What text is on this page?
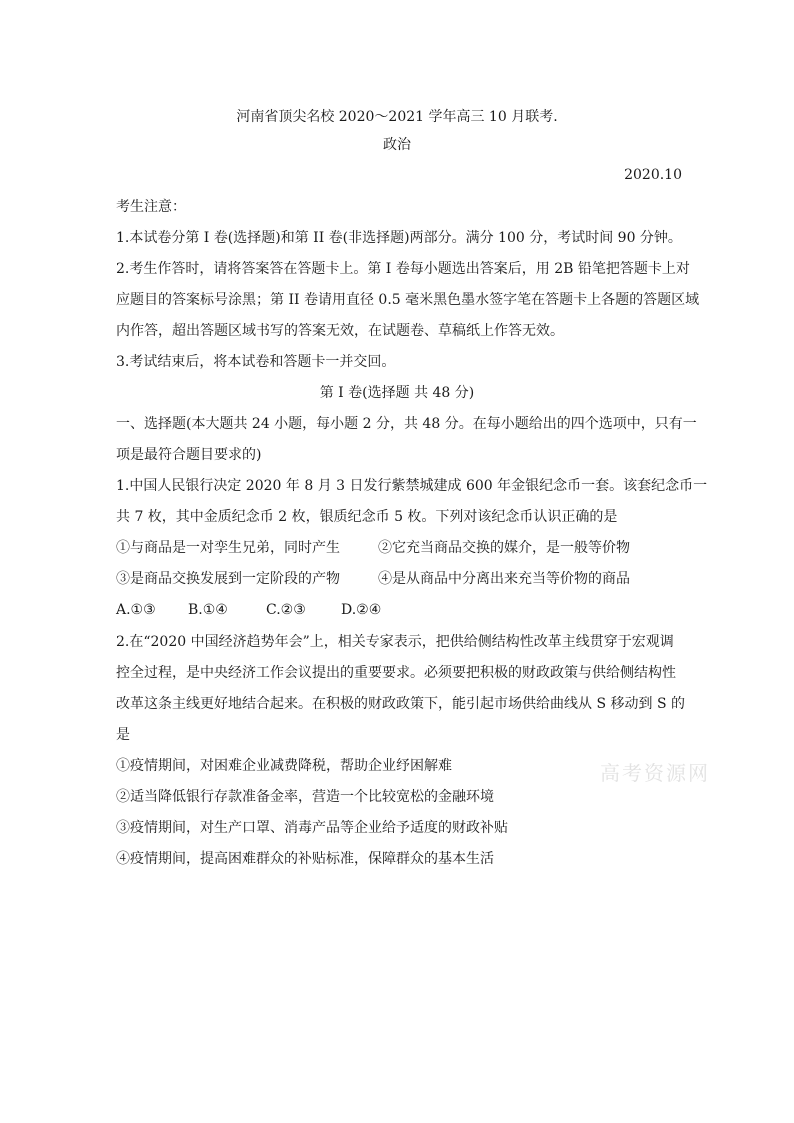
河南省顶尖名校 2020～2021 学年高三 10 月联考.
政治
2020.10
考生注意：
1.本试卷分第 I 卷(选择题)和第 II 卷(非选择题)两部分。满分 100 分，考试时间 90 分钟。
2.考生作答时，请将答案答在答题卡上。第 I 卷每小题选出答案后，用 2B 铅笔把答题卡上对
应题目的答案标号涂黑；第 II 卷请用直径 0.5 毫米黑色墨水签字笔在答题卡上各题的答题区域
内作答，超出答题区域书写的答案无效，在试题卷、草稿纸上作答无效。
3.考试结束后，将本试卷和答题卡一并交回。
第 I 卷(选择题 共 48 分)
一、选择题(本大题共 24 小题，每小题 2 分，共 48 分。在每小题给出的四个选项中，只有一
项是最符合题目要求的)
1.中国人民银行决定 2020 年 8 月 3 日发行紫禁城建成 600 年金银纪念币一套。该套纪念币一
共 7 枚，其中金质纪念币 2 枚，银质纪念币 5 枚。下列对该纪念币认识正确的是
①与商品是一对孪生兄弟，同时产生	②它充当商品交换的媒介，是一般等价物
③是商品交换发展到一定阶段的产物	④是从商品中分离出来充当等价物的商品
A.①③ B.①④	C.②③	D.②④
2.在“2020 中国经济趋势年会”上，相关专家表示，把供给侧结构性改革主线贯穿于宏观调
控全过程，是中央经济工作会议提出的重要要求。必须要把积极的财政政策与供给侧结构性
改革这条主线更好地结合起来。在积极的财政政策下，能引起市场供给曲线从 S 移动到 S 的
是
①疫情期间，对困难企业减费降税，帮助企业纾困解难
②适当降低银行存款准备金率，营造一个比较宽松的金融环境
③疫情期间，对生产口罩、消毒产品等企业给予适度的财政补贴
④疫情期间，提高困难群众的补贴标准，保障群众的基本生活
高考资源网
